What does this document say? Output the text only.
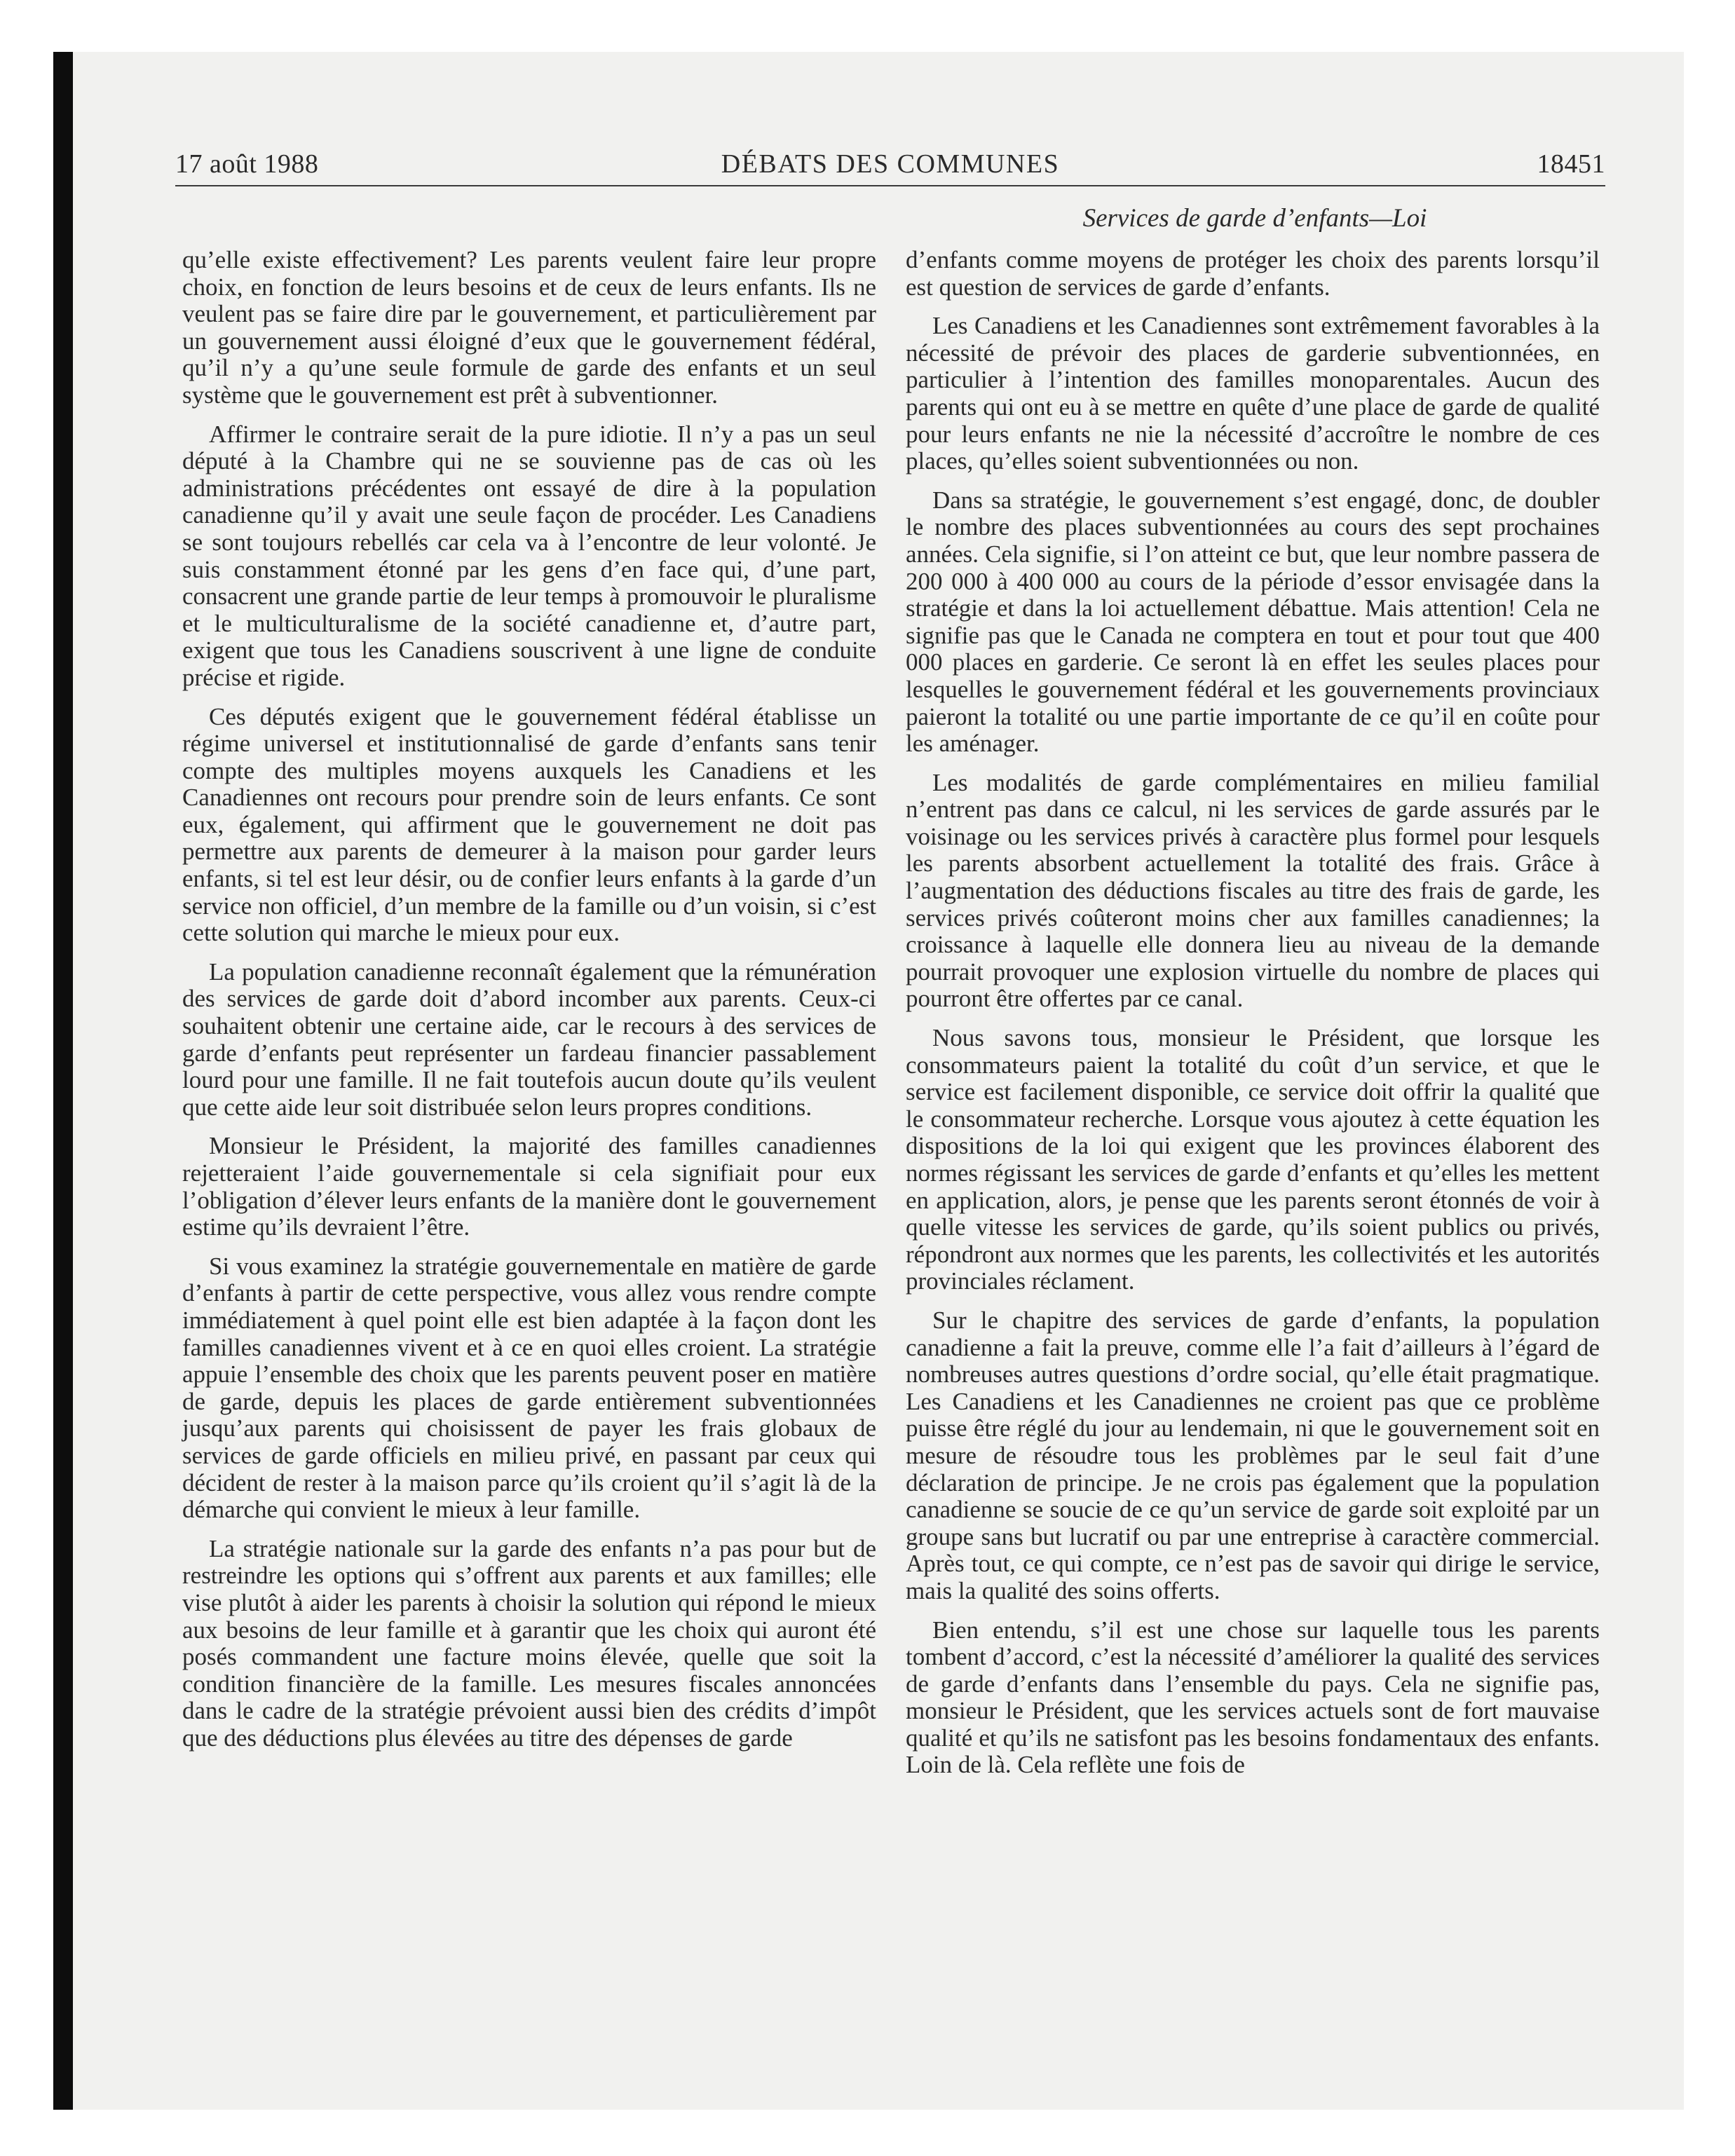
17 août 1988	DÉBATS DES COMMUNES	18451
Services de garde d’enfants—Loi

qu’elle existe effectivement? Les parents veulent faire leur propre choix, en fonction de leurs besoins et de ceux de leurs enfants. Ils ne veulent pas se faire dire par le gouvernement, et particulièrement par un gouvernement aussi éloigné d’eux que le gouvernement fédéral, qu’il n’y a qu’une seule formule de garde des enfants et un seul système que le gouvernement est prêt à subventionner.

Affirmer le contraire serait de la pure idiotie. Il n’y a pas un seul député à la Chambre qui ne se souvienne pas de cas où les administrations précédentes ont essayé de dire à la population canadienne qu’il y avait une seule façon de procéder. Les Canadiens se sont toujours rebellés car cela va à l’encontre de leur volonté. Je suis constamment étonné par les gens d’en face qui, d’une part, consacrent une grande partie de leur temps à promouvoir le pluralisme et le multiculturalisme de la société canadienne et, d’autre part, exigent que tous les Canadiens souscrivent à une ligne de conduite précise et rigide.

Ces députés exigent que le gouvernement fédéral établisse un régime universel et institutionnalisé de garde d’enfants sans tenir compte des multiples moyens auxquels les Canadiens et les Canadiennes ont recours pour prendre soin de leurs enfants. Ce sont eux, également, qui affirment que le gouvernement ne doit pas permettre aux parents de demeurer à la maison pour garder leurs enfants, si tel est leur désir, ou de confier leurs enfants à la garde d’un service non officiel, d’un membre de la famille ou d’un voisin, si c’est cette solution qui marche le mieux pour eux.

La population canadienne reconnaît également que la rémunération des services de garde doit d’abord incomber aux parents. Ceux-ci souhaitent obtenir une certaine aide, car le recours à des services de garde d’enfants peut représenter un fardeau financier passablement lourd pour une famille. Il ne fait toutefois aucun doute qu’ils veulent que cette aide leur soit distribuée selon leurs propres conditions.

Monsieur le Président, la majorité des familles canadiennes rejetteraient l’aide gouvernementale si cela signifiait pour eux l’obligation d’élever leurs enfants de la manière dont le gouvernement estime qu’ils devraient l’être.

Si vous examinez la stratégie gouvernementale en matière de garde d’enfants à partir de cette perspective, vous allez vous rendre compte immédiatement à quel point elle est bien adaptée à la façon dont les familles canadiennes vivent et à ce en quoi elles croient. La stratégie appuie l’ensemble des choix que les parents peuvent poser en matière de garde, depuis les places de garde entièrement subventionnées jusqu’aux parents qui choisissent de payer les frais globaux de services de garde officiels en milieu privé, en passant par ceux qui décident de rester à la maison parce qu’ils croient qu’il s’agit là de la démarche qui convient le mieux à leur famille.

La stratégie nationale sur la garde des enfants n’a pas pour but de restreindre les options qui s’offrent aux parents et aux familles; elle vise plutôt à aider les parents à choisir la solution qui répond le mieux aux besoins de leur famille et à garantir que les choix qui auront été posés commandent une facture moins élevée, quelle que soit la condition financière de la famille. Les mesures fiscales annoncées dans le cadre de la stratégie prévoient aussi bien des crédits d’impôt que des déductions plus élevées au titre des dépenses de garde

d’enfants comme moyens de protéger les choix des parents lorsqu’il est question de services de garde d’enfants.

Les Canadiens et les Canadiennes sont extrêmement favorables à la nécessité de prévoir des places de garderie subventionnées, en particulier à l’intention des familles monoparentales. Aucun des parents qui ont eu à se mettre en quête d’une place de garde de qualité pour leurs enfants ne nie la nécessité d’accroître le nombre de ces places, qu’elles soient subventionnées ou non.

Dans sa stratégie, le gouvernement s’est engagé, donc, de doubler le nombre des places subventionnées au cours des sept prochaines années. Cela signifie, si l’on atteint ce but, que leur nombre passera de 200 000 à 400 000 au cours de la période d’essor envisagée dans la stratégie et dans la loi actuellement débattue. Mais attention! Cela ne signifie pas que le Canada ne comptera en tout et pour tout que 400 000 places en garderie. Ce seront là en effet les seules places pour lesquelles le gouvernement fédéral et les gouvernements provinciaux paieront la totalité ou une partie importante de ce qu’il en coûte pour les aménager.

Les modalités de garde complémentaires en milieu familial n’entrent pas dans ce calcul, ni les services de garde assurés par le voisinage ou les services privés à caractère plus formel pour lesquels les parents absorbent actuellement la totalité des frais. Grâce à l’augmentation des déductions fiscales au titre des frais de garde, les services privés coûteront moins cher aux familles canadiennes; la croissance à laquelle elle donnera lieu au niveau de la demande pourrait provoquer une explosion virtuelle du nombre de places qui pourront être offertes par ce canal.

Nous savons tous, monsieur le Président, que lorsque les consommateurs paient la totalité du coût d’un service, et que le service est facilement disponible, ce service doit offrir la qualité que le consommateur recherche. Lorsque vous ajoutez à cette équation les dispositions de la loi qui exigent que les provinces élaborent des normes régissant les services de garde d’enfants et qu’elles les mettent en application, alors, je pense que les parents seront étonnés de voir à quelle vitesse les services de garde, qu’ils soient publics ou privés, répondront aux normes que les parents, les collectivités et les autorités provinciales réclament.

Sur le chapitre des services de garde d’enfants, la population canadienne a fait la preuve, comme elle l’a fait d’ailleurs à l’égard de nombreuses autres questions d’ordre social, qu’elle était pragmatique. Les Canadiens et les Canadiennes ne croient pas que ce problème puisse être réglé du jour au lendemain, ni que le gouvernement soit en mesure de résoudre tous les problèmes par le seul fait d’une déclaration de principe. Je ne crois pas également que la population canadienne se soucie de ce qu’un service de garde soit exploité par un groupe sans but lucratif ou par une entreprise à caractère commercial. Après tout, ce qui compte, ce n’est pas de savoir qui dirige le service, mais la qualité des soins offerts.

Bien entendu, s’il est une chose sur laquelle tous les parents tombent d’accord, c’est la nécessité d’améliorer la qualité des services de garde d’enfants dans l’ensemble du pays. Cela ne signifie pas, monsieur le Président, que les services actuels sont de fort mauvaise qualité et qu’ils ne satisfont pas les besoins fondamentaux des enfants. Loin de là. Cela reflète une fois de
